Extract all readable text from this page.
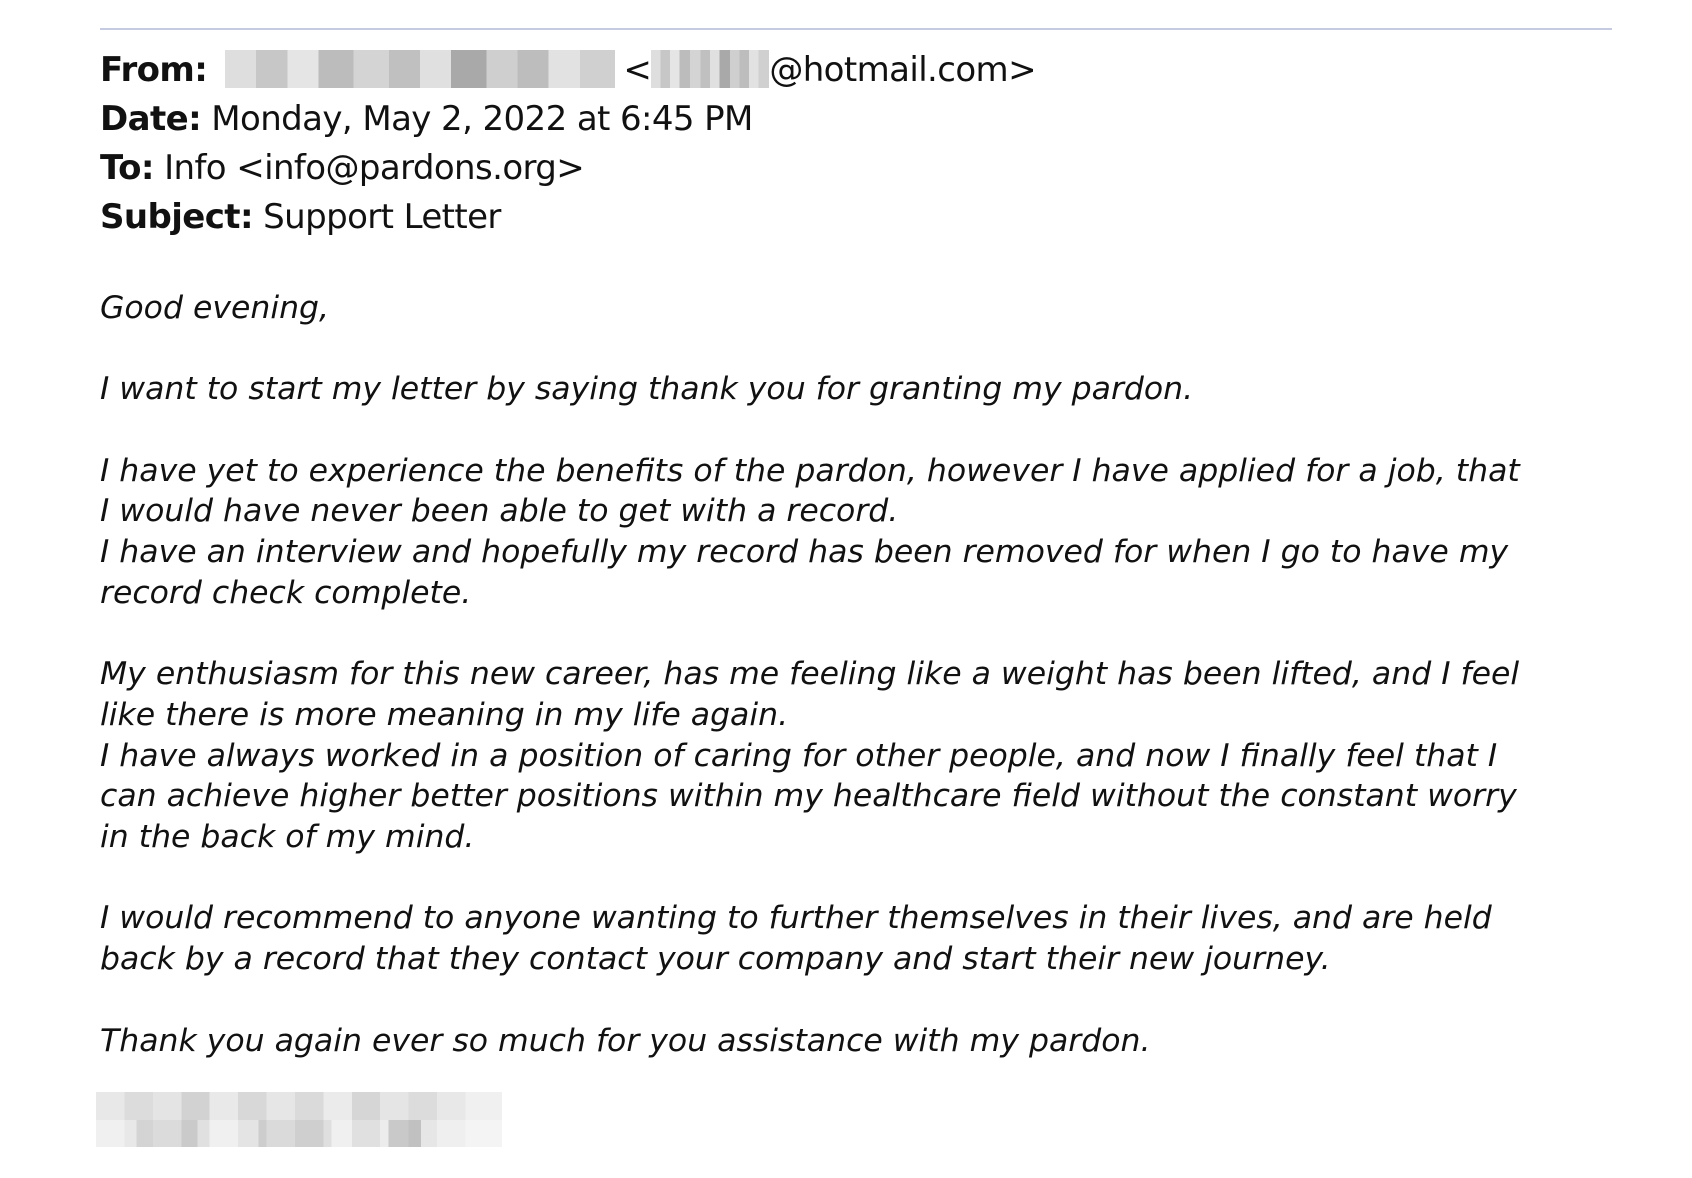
From:	<	@hotmail.com>
Date: Monday, May 2, 2022 at 6:45 PM
To: Info <info@pardons.org>
Subject: Support Letter

Good evening,

I want to start my letter by saying thank you for granting my pardon.

I have yet to experience the benefits of the pardon, however I have applied for a job, that
I would have never been able to get with a record.
I have an interview and hopefully my record has been removed for when I go to have my
record check complete.

My enthusiasm for this new career, has me feeling like a weight has been lifted, and I feel
like there is more meaning in my life again.
I have always worked in a position of caring for other people, and now I finally feel that I
can achieve higher better positions within my healthcare field without the constant worry
in the back of my mind.

I would recommend to anyone wanting to further themselves in their lives, and are held
back by a record that they contact your company and start their new journey.

Thank you again ever so much for you assistance with my pardon.
